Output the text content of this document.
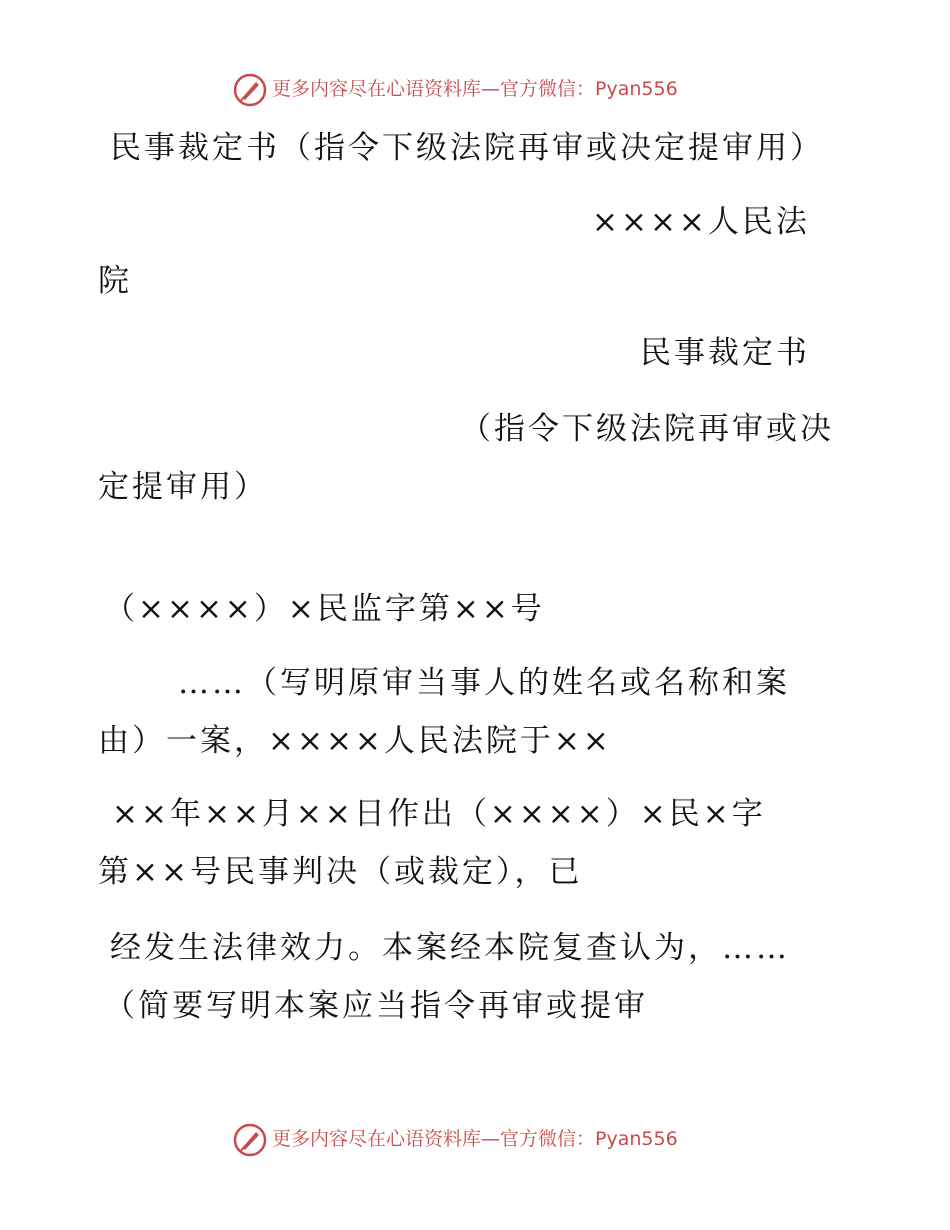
更多内容尽在心语资料库—官方微信：Pyan556
民事裁定书（指令下级法院再审或决定提审用）
××××人民法
院
民事裁定书
（指令下级法院再审或决
定提审用）
（××××）×民监字第××号
……（写明原审当事人的姓名或名称和案
由）一案，××××人民法院于××
××年××月××日作出（××××）×民×字
第××号民事判决（或裁定），已
经发生法律效力。本案经本院复查认为，……
（简要写明本案应当指令再审或提审
更多内容尽在心语资料库—官方微信：Pyan556
